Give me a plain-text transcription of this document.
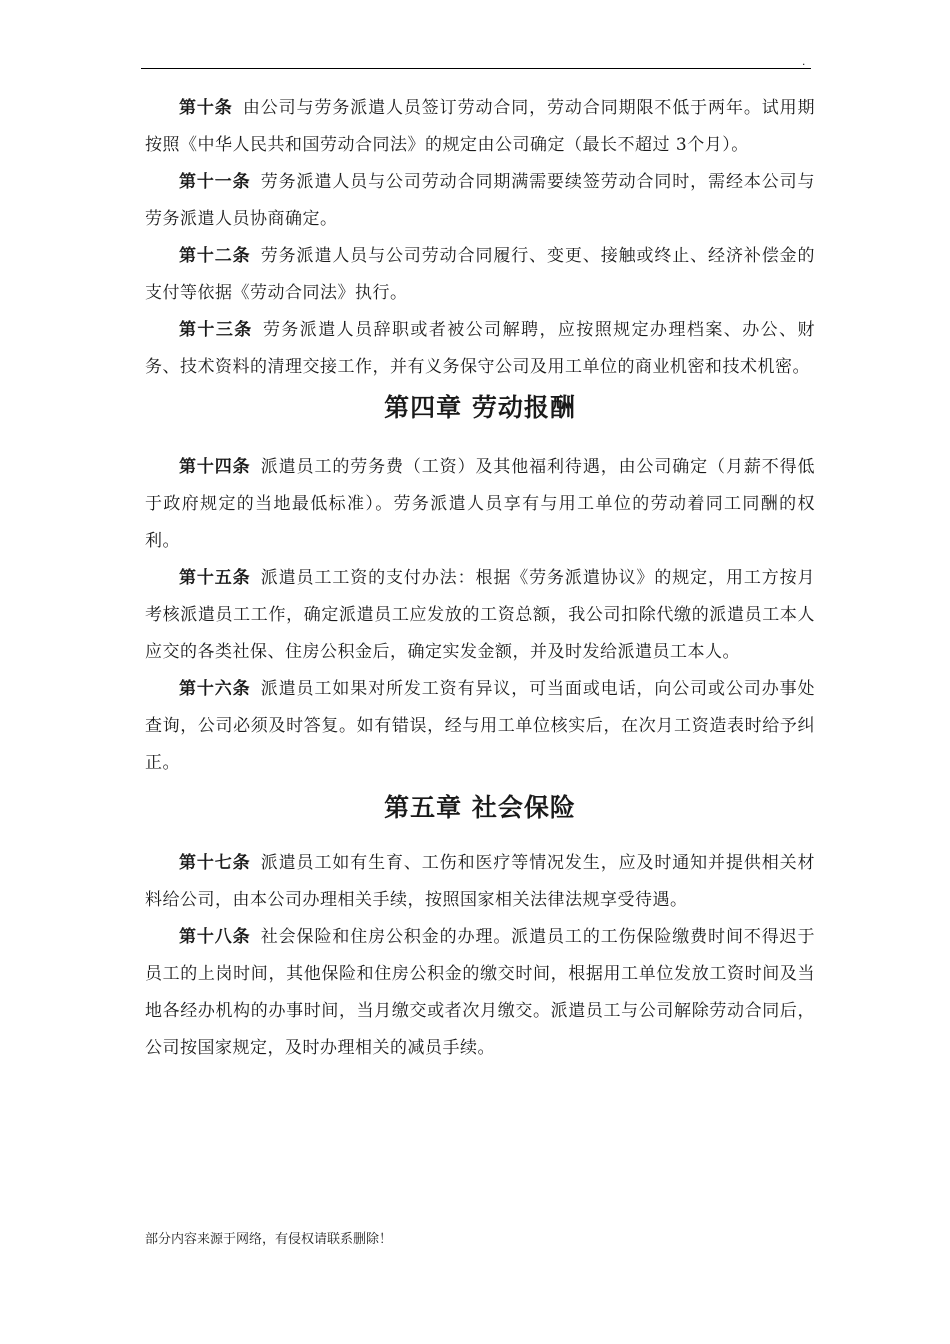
.

第十条 由公司与劳务派遣人员签订劳动合同，劳动合同期限不低于两年。试用期按照《中华人民共和国劳动合同法》的规定由公司确定（最长不超过 3个月）。

第十一条 劳务派遣人员与公司劳动合同期满需要续签劳动合同时，需经本公司与劳务派遣人员协商确定。

第十二条 劳务派遣人员与公司劳动合同履行、变更、接触或终止、经济补偿金的支付等依据《劳动合同法》执行。

第十三条 劳务派遣人员辞职或者被公司解聘，应按照规定办理档案、办公、财务、技术资料的清理交接工作，并有义务保守公司及用工单位的商业机密和技术机密。

第四章 劳动报酬

第十四条 派遣员工的劳务费（工资）及其他福利待遇，由公司确定（月薪不得低于政府规定的当地最低标准）。劳务派遣人员享有与用工单位的劳动着同工同酬的权利。

第十五条 派遣员工工资的支付办法：根据《劳务派遣协议》的规定，用工方按月考核派遣员工工作，确定派遣员工应发放的工资总额，我公司扣除代缴的派遣员工本人应交的各类社保、住房公积金后，确定实发金额，并及时发给派遣员工本人。

第十六条 派遣员工如果对所发工资有异议，可当面或电话，向公司或公司办事处查询，公司必须及时答复。如有错误，经与用工单位核实后，在次月工资造表时给予纠正。

第五章 社会保险

第十七条 派遣员工如有生育、工伤和医疗等情况发生，应及时通知并提供相关材料给公司，由本公司办理相关手续，按照国家相关法律法规享受待遇。

第十八条 社会保险和住房公积金的办理。派遣员工的工伤保险缴费时间不得迟于员工的上岗时间，其他保险和住房公积金的缴交时间，根据用工单位发放工资时间及当地各经办机构的办事时间，当月缴交或者次月缴交。派遣员工与公司解除劳动合同后，公司按国家规定，及时办理相关的减员手续。

部分内容来源于网络，有侵权请联系删除！
